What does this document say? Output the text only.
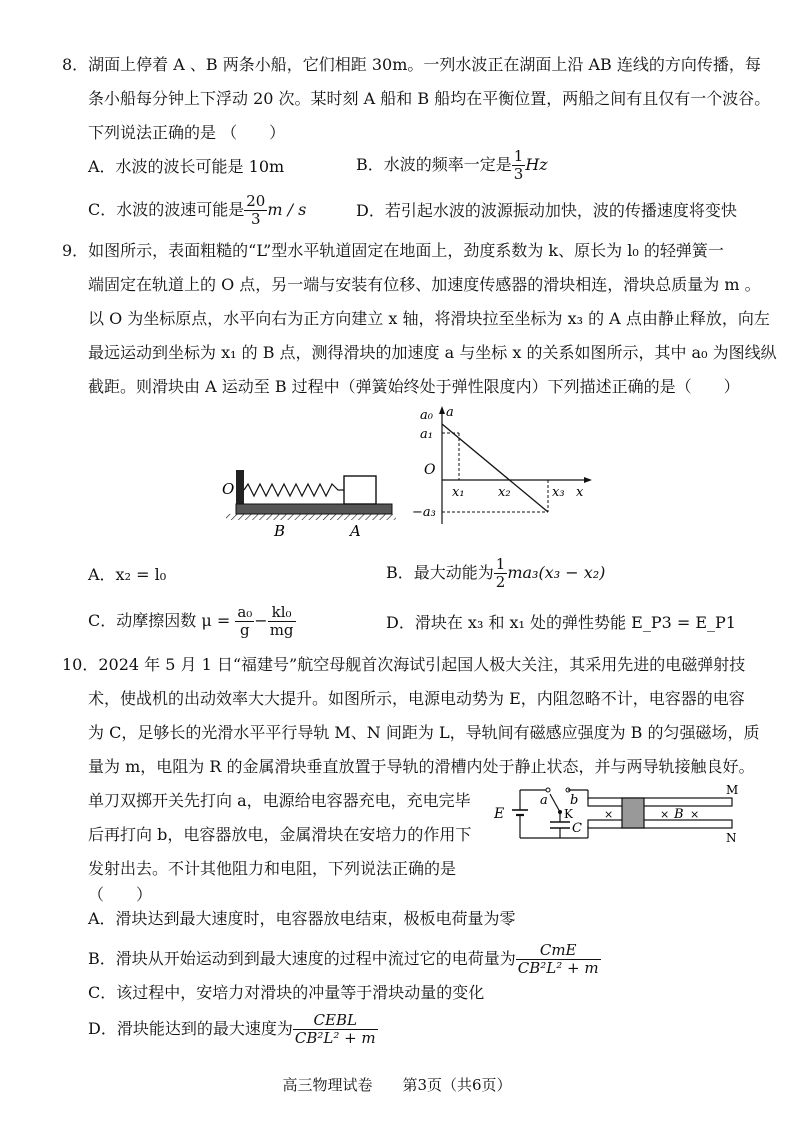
8．湖面上停着 A 、B 两条小船，它们相距 30m。一列水波正在湖面上沿 AB 连线的方向传播，每
条小船每分钟上下浮动 20 次。某时刻 A 船和 B 船均在平衡位置，两船之间有且仅有一个波谷。
下列说法正确的是 （　　）
A．水波的波长可能是 10m	B．水波的频率一定是 $\frac{1}{3}$ Hz
C．水波的波速可能是 $\frac{20}{3}$ m / s	D．若引起水波的波源振动加快，波的传播速度将变快
9．如图所示，表面粗糙的“L”型水平轨道固定在地面上，劲度系数为 k、原长为 l₀ 的轻弹簧一
端固定在轨道上的 O 点，另一端与安装有位移、加速度传感器的滑块相连，滑块总质量为 m 。
以 O 为坐标原点，水平向右为正方向建立 x 轴，将滑块拉至坐标为 x₃ 的 A 点由静止释放，向左
最远运动到坐标为 x₁ 的 B 点，测得滑块的加速度 a 与坐标 x 的关系如图所示，其中 a₀ 为图线纵
截距。则滑块由 A 运动至 B 过程中（弹簧始终处于弹性限度内）下列描述正确的是（　　）
O
B	A
a₀ a
a₁
O
x₁	x₂	x₃ x
−a₃
A．x₂ = l₀	B．最大动能为 $\frac{1}{2} ma_3(x_3 - x_2)$
C．动摩擦因数 $\mu = \frac{\text{a₀}}{g} - \frac{\text{kl₀}}{mg}$	D．滑块在 x₃ 和 x₁ 处的弹性势能 E_P3 = E_P1
10．2024 年 5 月 1 日“福建号”航空母舰首次海试引起国人极大关注，其采用先进的电磁弹射技
术，使战机的出动效率大大提升。如图所示，电源电动势为 E，内阻忽略不计，电容器的电容
为 C，足够长的光滑水平平行导轨 M、N 间距为 L，导轨间有磁感应强度为 B 的匀强磁场，质
量为 m，电阻为 R 的金属滑块垂直放置于导轨的滑槽内处于静止状态，并与两导轨接触良好。
单刀双掷开关先打向 a，电源给电容器充电，充电完毕
后再打向 b，电容器放电，金属滑块在安培力的作用下
发射出去。不计其他阻力和电阻，下列说法正确的是
（　　）
E
a b
K
C
×	× B ×
M
N
A．滑块达到最大速度时，电容器放电结束，极板电荷量为零
B．滑块从开始运动到到最大速度的过程中流过它的电荷量为 $\frac{\text{CmE}}{\text{CB²L² + m}}$
C．该过程中，安培力对滑块的冲量等于滑块动量的变化
D．滑块能达到的最大速度为 $\frac{\text{CEBL}}{\text{CB²L² + m}}$
高三物理试卷　　第3页（共6页）
